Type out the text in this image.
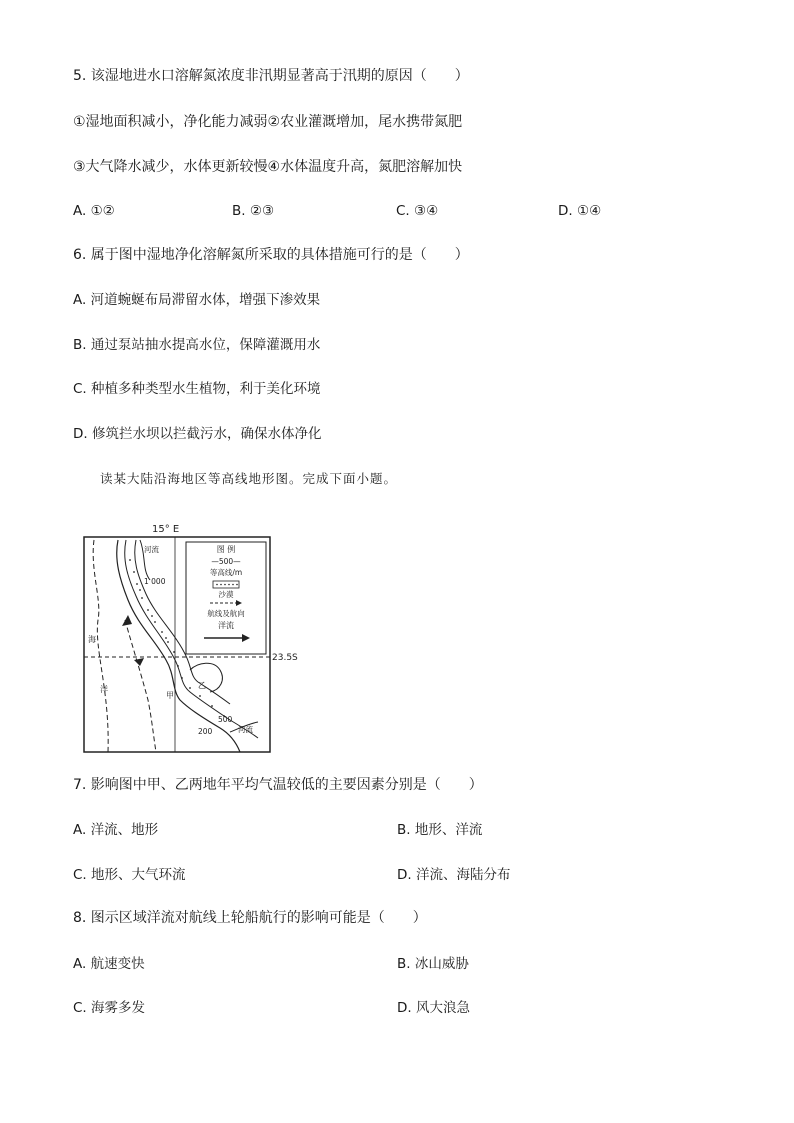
5. 该湿地进水口溶解氮浓度非汛期显著高于汛期的原因（　　）
①湿地面积减小，净化能力减弱②农业灌溉增加，尾水携带氮肥
③大气降水减少，水体更新较慢④水体温度升高，氮肥溶解加快
A. ①②	B. ②③	C. ③④	D. ①④
6. 属于图中湿地净化溶解氮所采取的具体措施可行的是（　　）
A. 河道蜿蜒布局滞留水体，增强下渗效果
B. 通过泵站抽水提高水位，保障灌溉用水
C. 种植多种类型水生植物，利于美化环境
D. 修筑拦水坝以拦截污水，确保水体净化
读某大陆沿海地区等高线地形图。完成下面小题。
图 例
—500—
等高线/m
沙漠
航线及航向
洋流
15° E
23.5S
河流
1 000
海
洋
甲
乙
500
200	河流
7. 影响图中甲、乙两地年平均气温较低的主要因素分别是（　　）
A. 洋流、地形	B. 地形、洋流
C. 地形、大气环流	D. 洋流、海陆分布
8. 图示区域洋流对航线上轮船航行的影响可能是（　　）
A. 航速变快	B. 冰山威胁
C. 海雾多发	D. 风大浪急
